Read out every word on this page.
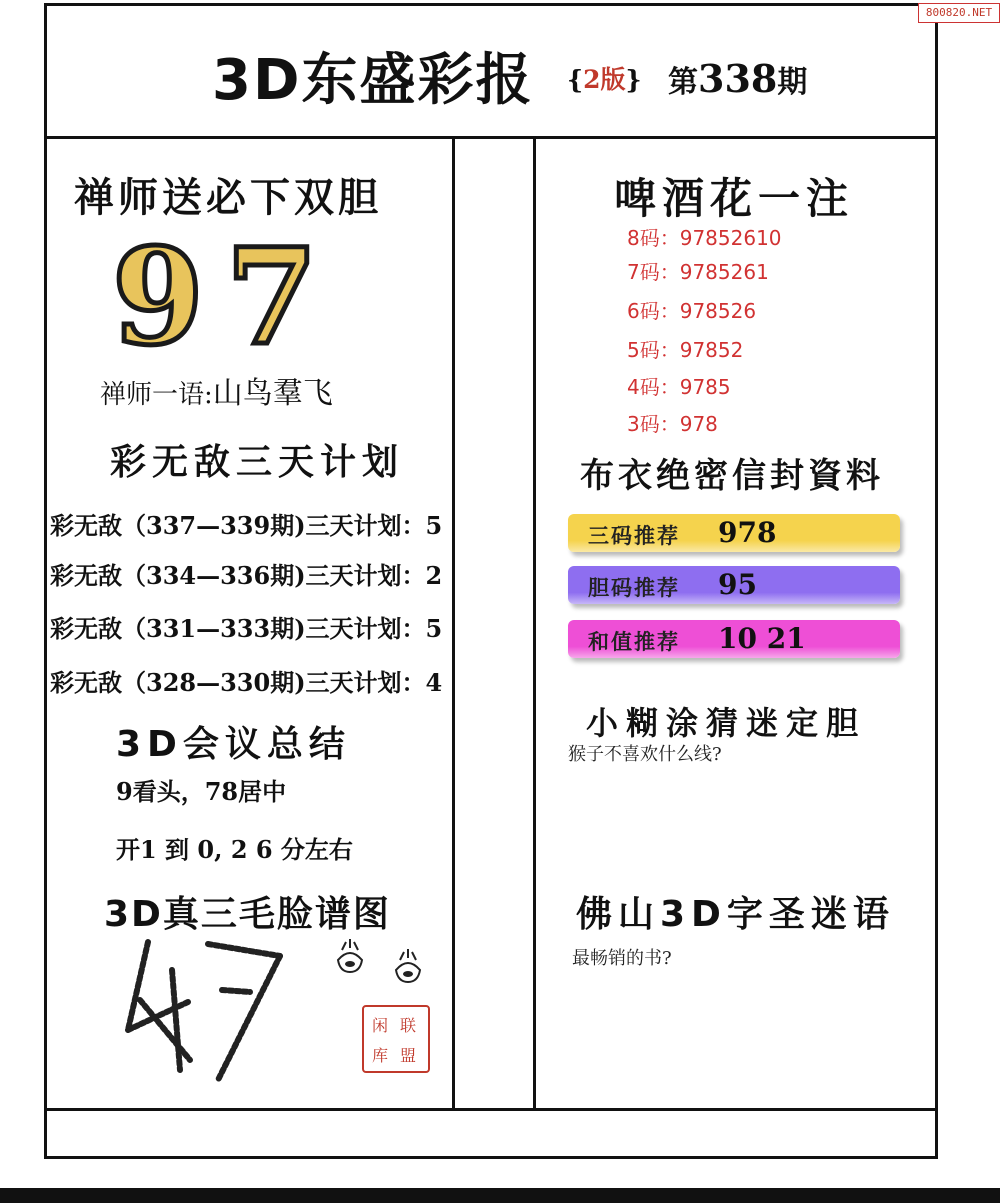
800820.NET
3D东盛彩报 {2版} 第338期
禅师送必下双胆
9 7
禅师一语:山鸟羣飞
彩无敌三天计划
彩无敌（337—339期)三天计划：5
彩无敌（334—336期)三天计划：2
彩无敌（331—333期)三天计划：5
彩无敌（328—330期)三天计划：4
3D会议总结
9看头，78居中
开1 到 0, 2 6 分左右
3D真三毛脸谱图
闲 联
库 盟
啤酒花一注
8码：97852610
7码：9785261
6码：978526
5码：97852
4码：9785
3码：978
布衣绝密信封資料
三码推荐 978
胆码推荐 95
和值推荐 10 21
小糊涂猜迷定胆
猴子不喜欢什么线?
佛山3D字圣迷语
最畅销的书?
